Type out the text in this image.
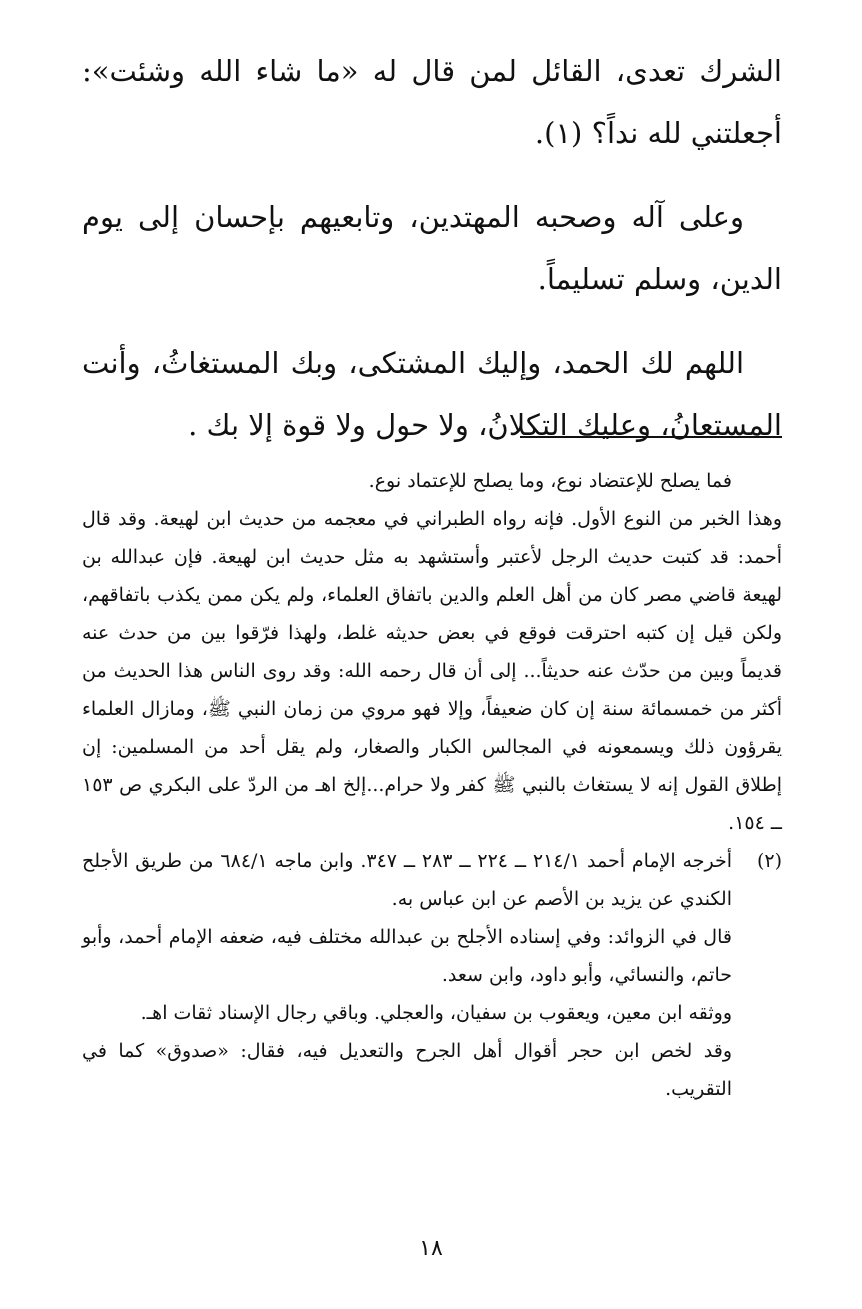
الشرك تعدى، القائل لمن قال له «ما شاء الله وشئت»: أجعلتني لله نداً؟ (١).

وعلى آله وصحبه المهتدين، وتابعيهم بإحسان إلى يوم الدين، وسلم تسليماً.

اللهم لك الحمد، وإليك المشتكى، وبك المستغاثُ، وأنت المستعانُ، وعليك التكلانُ، ولا حول ولا قوة إلا بك .

فما يصلح للإعتضاد نوع، وما يصلح للإعتماد نوع.

وهذا الخبر من النوع الأول. فإنه رواه الطبراني في معجمه من حديث ابن لهيعة. وقد قال أحمد: قد كتبت حديث الرجل لأعتبر وأستشهد به مثل حديث ابن لهيعة. فإن عبدالله بن لهيعة قاضي مصر كان من أهل العلم والدين باتفاق العلماء، ولم يكن ممن يكذب باتفاقهم، ولكن قيل إن كتبه احترقت فوقع في بعض حديثه غلط، ولهذا فرّقوا بين من حدث عنه قديماً وبين من حدّث عنه حديثاً... إلى أن قال رحمه الله: وقد روى الناس هذا الحديث من أكثر من خمسمائة سنة إن كان ضعيفاً، وإلا فهو مروي من زمان النبي ﷺ، ومازال العلماء يقرؤون ذلك ويسمعونه في المجالس الكبار والصغار، ولم يقل أحد من المسلمين: إن إطلاق القول إنه لا يستغاث بالنبي ﷺ كفر ولا حرام...إلخ اهـ من الردّ على البكري ص ١٥٣ ــ ١٥٤.

(٢)
أخرجه الإمام أحمد ٢١٤/١ ــ ٢٢٤ ــ ٢٨٣ ــ ٣٤٧. وابن ماجه ٦٨٤/١ من طريق الأجلح الكندي عن يزيد بن الأصم عن ابن عباس به.
قال في الزوائد: وفي إسناده الأجلح بن عبدالله مختلف فيه، ضعفه الإمام أحمد، وأبو حاتم، والنسائي، وأبو داود، وابن سعد.
ووثقه ابن معين، ويعقوب بن سفيان، والعجلي. وباقي رجال الإسناد ثقات اهـ.
وقد لخص ابن حجر أقوال أهل الجرح والتعديل فيه، فقال: «صدوق» كما في التقريب.
١٨
